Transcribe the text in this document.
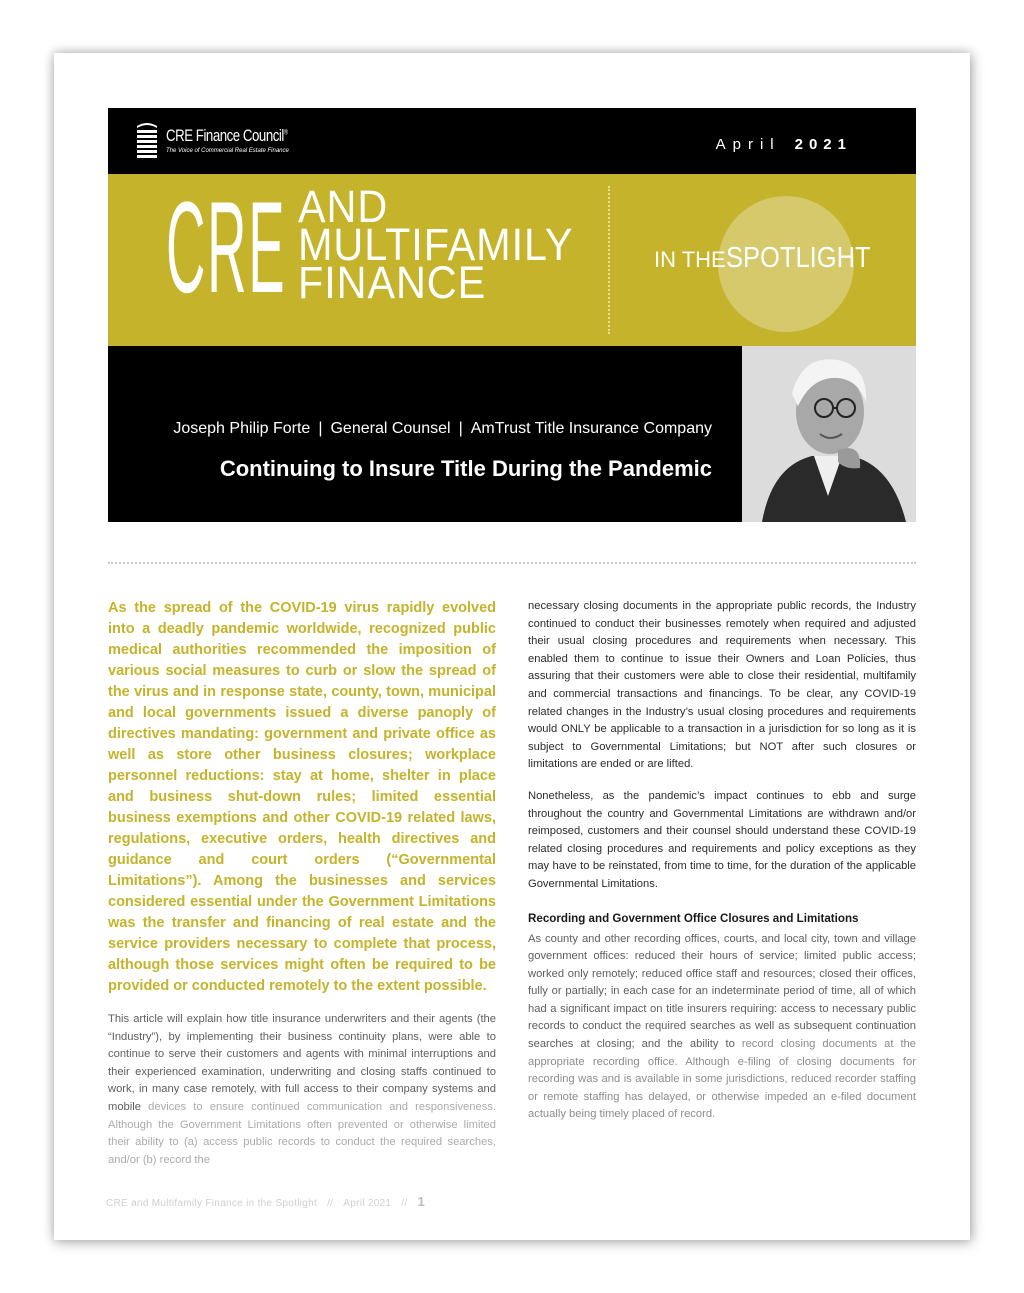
CRE Finance Council®
The Voice of Commercial Real Estate Finance	April 2021
CRE AND
MULTIFAMILY
FINANCE	IN THE SPOTLIGHT
Joseph Philip Forte | General Counsel | AmTrust Title Insurance Company
Continuing to Insure Title During the Pandemic

As the spread of the COVID-19 virus rapidly evolved into a deadly pandemic worldwide, recognized public medical authorities recommended the imposition of various social measures to curb or slow the spread of the virus and in response state, county, town, municipal and local governments issued a diverse panoply of directives mandating: government and private office as well as store other business closures; workplace personnel reductions: stay at home, shelter in place and business shut-down rules; limited essential business exemptions and other COVID-19 related laws, regulations, executive orders, health directives and guidance and court orders (“Governmental Limitations”). Among the businesses and services considered essential under the Government Limitations was the transfer and financing of real estate and the service providers necessary to complete that process, although those services might often be required to be provided or conducted remotely to the extent possible.

This article will explain how title insurance underwriters and their agents (the “Industry”), by implementing their business continuity plans, were able to continue to serve their customers and agents with minimal interruptions and their experienced examination, underwriting and closing staffs continued to work, in many case remotely, with full access to their company systems and mobile devices to ensure continued communication and responsiveness. Although the Government Limitations often prevented or otherwise limited their ability to (a) access public records to conduct the required searches, and/or (b) record the

necessary closing documents in the appropriate public records, the Industry continued to conduct their businesses remotely when required and adjusted their usual closing procedures and requirements when necessary. This enabled them to continue to issue their Owners and Loan Policies, thus assuring that their customers were able to close their residential, multifamily and commercial transactions and financings. To be clear, any COVID-19 related changes in the Industry’s usual closing procedures and requirements would ONLY be applicable to a transaction in a jurisdiction for so long as it is subject to Governmental Limitations; but NOT after such closures or limitations are ended or are lifted.

Nonetheless, as the pandemic’s impact continues to ebb and surge throughout the country and Governmental Limitations are withdrawn and/or reimposed, customers and their counsel should understand these COVID-19 related closing procedures and requirements and policy exceptions as they may have to be reinstated, from time to time, for the duration of the applicable Governmental Limitations.

Recording and Government Office Closures and Limitations

As county and other recording offices, courts, and local city, town and village government offices: reduced their hours of service; limited public access; worked only remotely; reduced office staff and resources; closed their offices, fully or partially; in each case for an indeterminate period of time, all of which had a significant impact on title insurers requiring: access to necessary public records to conduct the required searches as well as subsequent continuation searches at closing; and the ability to record closing documents at the appropriate recording office. Although e-filing of closing documents for recording was and is available in some jurisdictions, reduced recorder staffing or remote staffing has delayed, or otherwise impeded an e-filed document actually being timely placed of record.

CRE and Multifamily Finance in the Spotlight // April 2021 // 1
